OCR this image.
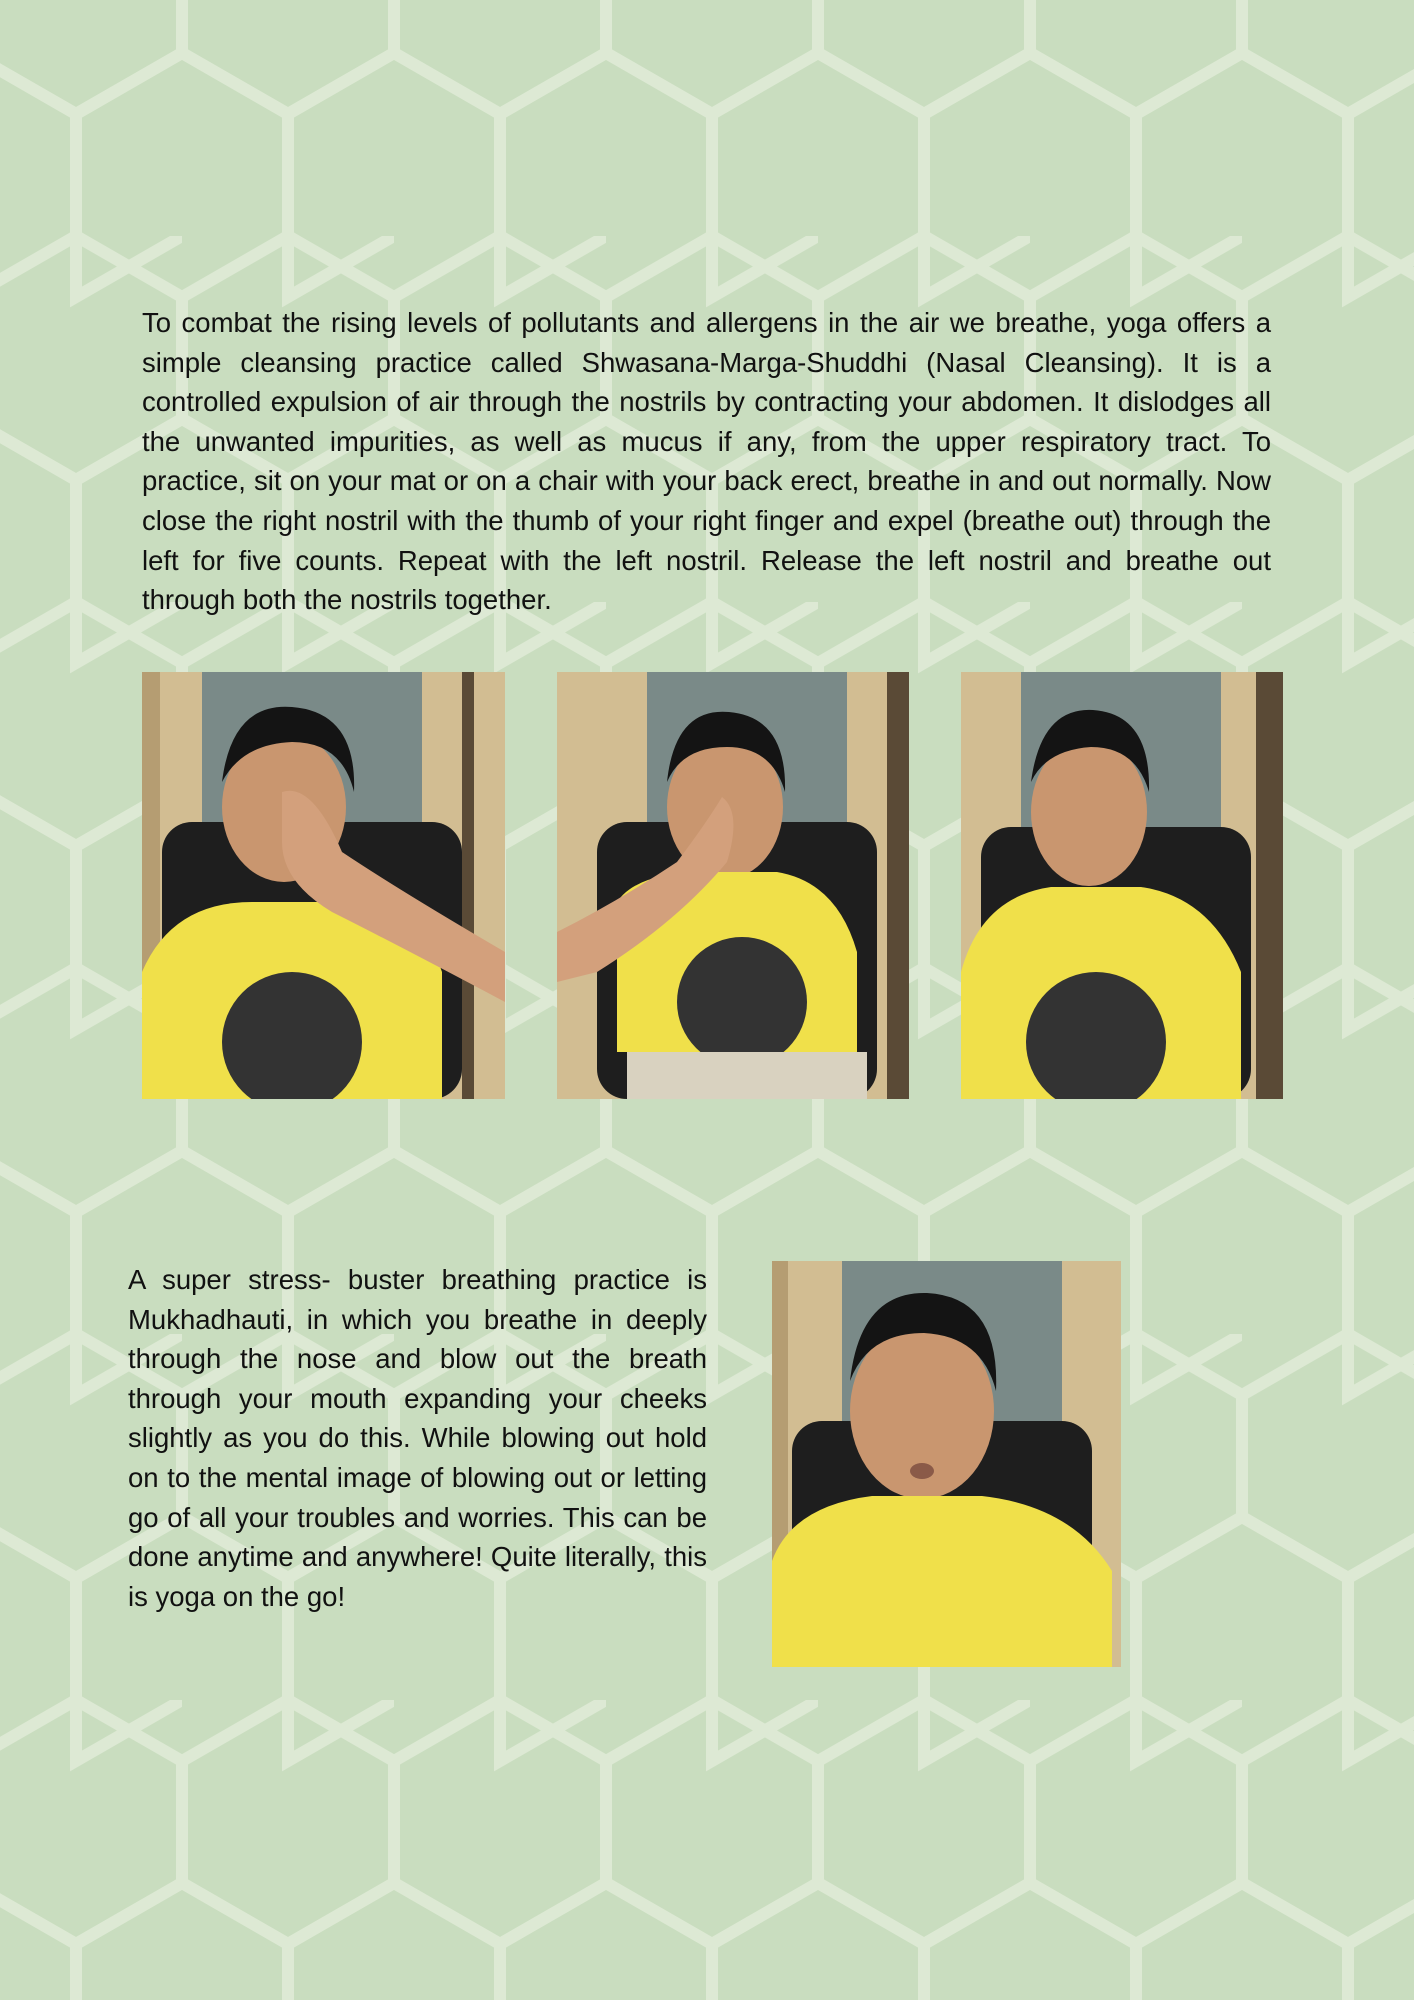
To combat the rising levels of pollutants and allergens in the air we breathe, yoga offers a simple cleansing practice called Shwasana-Marga-Shuddhi (Nasal Cleansing). It is a controlled expulsion of air through the nostrils by contracting your abdomen. It dislodges all the unwanted impurities, as well as mucus if any, from the upper respiratory tract. To practice, sit on your mat or on a chair with your back erect, breathe in and out normally. Now close the right nostril with the thumb of your right finger and expel (breathe out) through the left for five counts. Repeat with the left nostril. Release the left nostril and breathe out through both the nostrils together.

A super stress- buster breathing practice is Mukhadhauti, in which you breathe in deeply through the nose and blow out the breath through your mouth expanding your cheeks slightly as you do this. While blowing out hold on to the mental image of blowing out or letting go of all your troubles and worries. This can be done anytime and anywhere! Quite literally, this is yoga on the go!
